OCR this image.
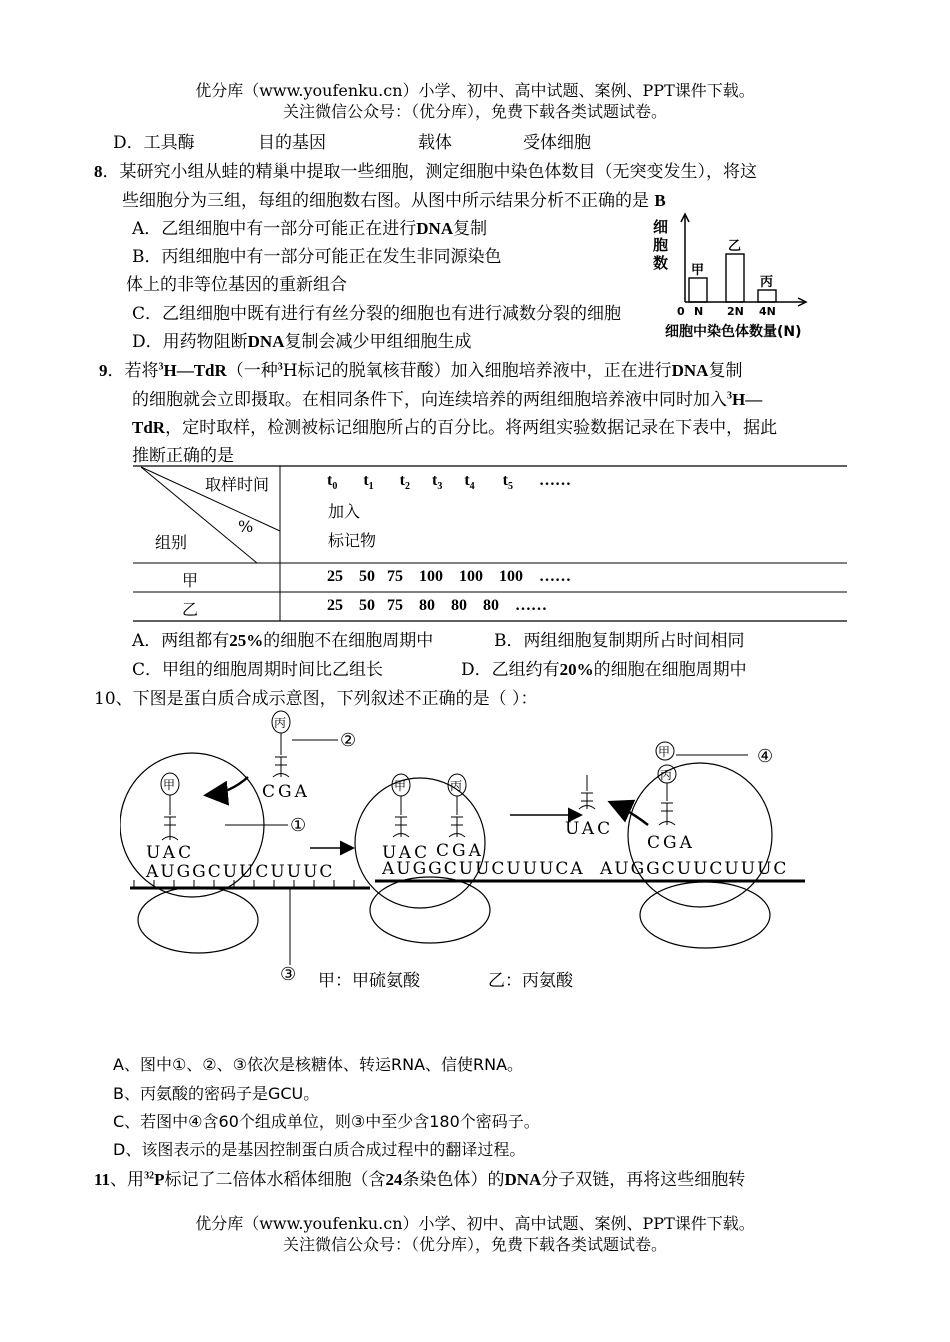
优分库（www.youfenku.cn）小学、初中、高中试题、案例、PPT课件下载。
关注微信公众号：（优分库），免费下载各类试题试卷。
D．工具酶	目的基因	载体	受体细胞
8．某研究小组从蛙的精巢中提取一些细胞，测定细胞中染色体数目（无突变发生），将这
些细胞分为三组，每组的细胞数右图。从图中所示结果分析不正确的是 B
A．乙组细胞中有一部分可能正在进行DNA复制
B．丙组细胞中有一部分可能正在发生非同源染色
体上的非等位基因的重新组合
C．乙组细胞中既有进行有丝分裂的细胞也有进行减数分裂的细胞
D．用药物阻断DNA复制会减少甲组细胞生成
细
胞
数 甲
N
乙
2N
丙
4N
0
细胞中染色体数量(N)
9．若将$^3$H—TdR（一种$^3$H标记的脱氧核苷酸）加入细胞培养液中，正在进行DNA复制
的细胞就会立即摄取。在相同条件下，向连续培养的两组细胞培养液中同时加入$^3$H—
TdR，定时取样，检测被标记细胞所占的百分比。将两组实验数据记录在下表中，据此
推断正确的是
取样时间
%
组别
$t_0$ $t_1$ $t_2$ $t_3$ $t_4$ $t_5$ ……
加入
标记物
甲	25    50   75    100    100    100    ……
乙	25    50   75    80    80    80    ……
A．两组都有25%的细胞不在细胞周期中	B．两组细胞复制期所占时间相同
C．甲组的细胞周期时间比乙组长	D．乙组约有20%的细胞在细胞周期中
10、下图是蛋白质合成示意图，下列叙述不正确的是（ ）：
AUGGCUUCUUUC
UAC
甲
丙
②
CGA
①
③
AUGGCUUCUUUCA
UAC CGA
甲	丙
AUGGCUUCUUUC
CGA
UAC
甲
丙
④
甲：甲硫氨酸	乙：丙氨酸
A、图中①、②、③依次是核糖体、转运RNA、信使RNA。
B、丙氨酸的密码子是GCU。
C、若图中④含60个组成单位，则③中至少含180个密码子。
D、该图表示的是基因控制蛋白质合成过程中的翻译过程。
11、用$^{32}$P标记了二倍体水稻体细胞（含24条染色体）的DNA分子双链，再将这些细胞转
优分库（www.youfenku.cn）小学、初中、高中试题、案例、PPT课件下载。
关注微信公众号：（优分库），免费下载各类试题试卷。
